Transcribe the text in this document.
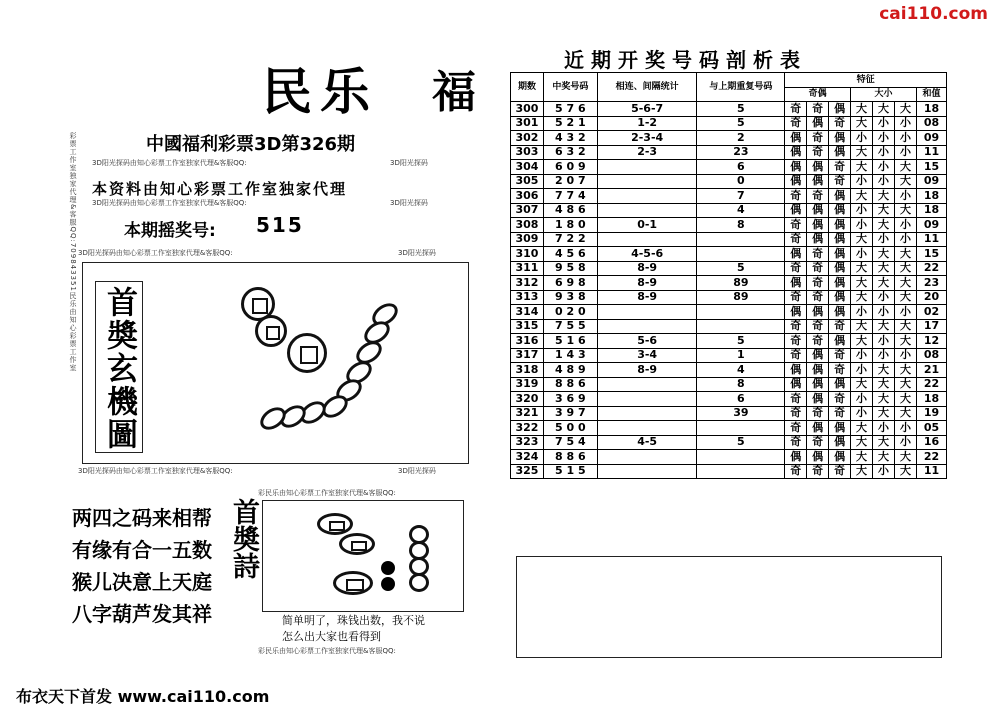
cai110.com
民乐 福
中國福利彩票3D第326期
3D阳光探码由知心彩票工作室独家代理&客服QQ:	3D阳光探码
本资料由知心彩票工作室独家代理
3D阳光探码由知心彩票工作室独家代理&客服QQ:	3D阳光探码
本期摇奖号: 515
彩票工作室独家代理&客服QQ:709843351民乐由知心彩票工作室 3D阳光探码由知心彩票工作室独家代理&客服QQ:	3D阳光探码
首奬玄機圖
3D阳光探码由知心彩票工作室独家代理&客服QQ:	3D阳光探码
两四之码来相帮
有缘有合一五数
猴儿决意上天庭
八字葫芦发其祥
彩民乐由知心彩票工作室独家代理&客服QQ:
首奬詩
简单明了，珠钱出数，我不说
怎么出大家也看得到
彩民乐由知心彩票工作室独家代理&客服QQ:
布衣天下首发 www.cai110.com
近期开奖号码剖析表
期数	中奖号码	相连、间隔统计	与上期重复号码	特征						
				奇偶			大小			和值
300	5 7 6	5-6-7	5	奇	奇	偶	大	大	大	18
301	5 2 1	1-2	5	奇	偶	奇	大	小	小	08
302	4 3 2	2-3-4	2	偶	奇	偶	小	小	小	09
303	6 3 2	2-3	23	偶	奇	偶	大	小	小	11
304	6 0 9		6	偶	偶	奇	大	小	大	15
305	2 0 7		0	偶	偶	奇	小	小	大	09
306	7 7 4		7	奇	奇	偶	大	大	小	18
307	4 8 6		4	偶	偶	偶	小	大	大	18
308	1 8 0	0-1	8	奇	偶	偶	小	大	小	09
309	7 2 2			奇	偶	偶	大	小	小	11
310	4 5 6	4-5-6		偶	奇	偶	小	大	大	15
311	9 5 8	8-9	5	奇	奇	偶	大	大	大	22
312	6 9 8	8-9	89	偶	奇	偶	大	大	大	23
313	9 3 8	8-9	89	奇	奇	偶	大	小	大	20
314	0 2 0			偶	偶	偶	小	小	小	02
315	7 5 5			奇	奇	奇	大	大	大	17
316	5 1 6	5-6	5	奇	奇	偶	大	小	大	12
317	1 4 3	3-4	1	奇	偶	奇	小	小	小	08
318	4 8 9	8-9	4	偶	偶	奇	小	大	大	21
319	8 8 6		8	偶	偶	偶	大	大	大	22
320	3 6 9		6	奇	偶	奇	小	大	大	18
321	3 9 7		39	奇	奇	奇	小	大	大	19
322	5 0 0			奇	偶	偶	大	小	小	05
323	7 5 4	4-5	5	奇	奇	偶	大	大	小	16
324	8 8 6			偶	偶	偶	大	大	大	22
325	5 1 5			奇	奇	奇	大	小	大	11
